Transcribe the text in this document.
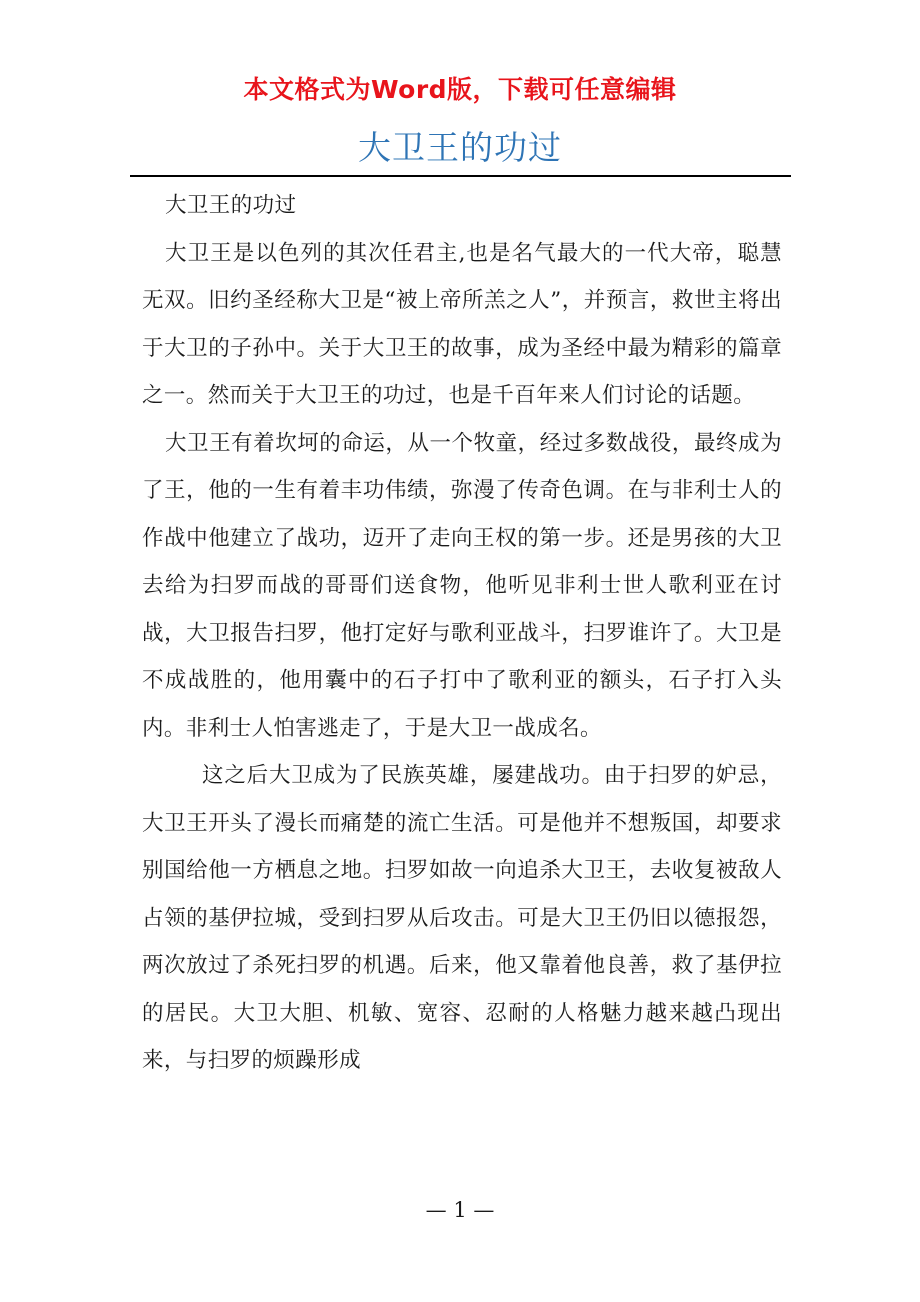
本文格式为Word版，下载可任意编辑
大卫王的功过

大卫王的功过

大卫王是以色列的其次任君主,也是名气最大的一代大帝，聪慧无双。旧约圣经称大卫是“被上帝所羔之人”，并预言，救世主将出于大卫的子孙中。关于大卫王的故事，成为圣经中最为精彩的篇章之一。然而关于大卫王的功过，也是千百年来人们讨论的话题。

大卫王有着坎坷的命运，从一个牧童，经过多数战役，最终成为了王，他的一生有着丰功伟绩，弥漫了传奇色调。在与非利士人的作战中他建立了战功，迈开了走向王权的第一步。还是男孩的大卫去给为扫罗而战的哥哥们送食物，他听见非利士世人歌利亚在讨战，大卫报告扫罗，他打定好与歌利亚战斗，扫罗谁许了。大卫是不成战胜的，他用囊中的石子打中了歌利亚的额头，石子打入头内。非利士人怕害逃走了，于是大卫一战成名。

这之后大卫成为了民族英雄，屡建战功。由于扫罗的妒忌，大卫王开头了漫长而痛楚的流亡生活。可是他并不想叛国，却要求别国给他一方栖息之地。扫罗如故一向追杀大卫王，去收复被敌人占领的基伊拉城，受到扫罗从后攻击。可是大卫王仍旧以德报怨，两次放过了杀死扫罗的机遇。后来，他又靠着他良善，救了基伊拉的居民。大卫大胆、机敏、宽容、忍耐的人格魅力越来越凸现出来，与扫罗的烦躁形成

— 1 —
